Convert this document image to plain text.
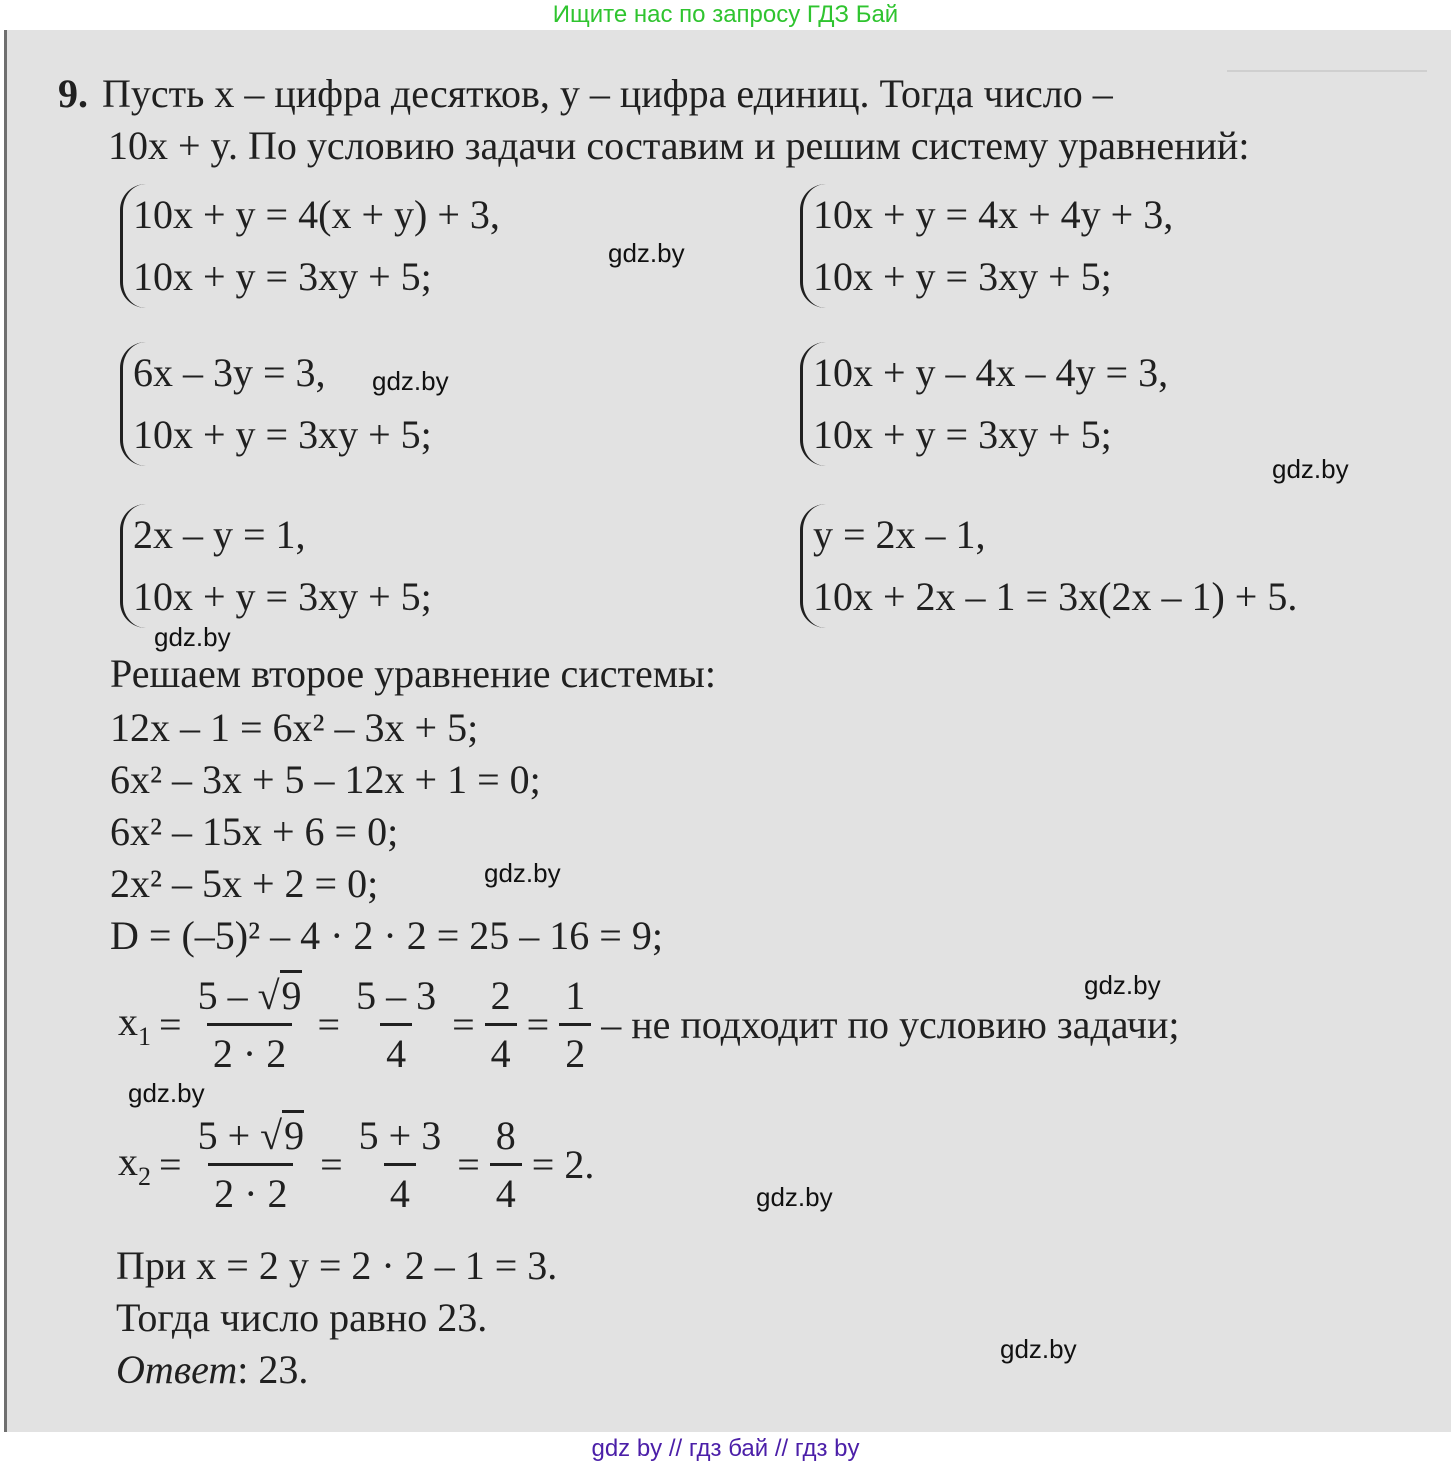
Ищите нас по запросу ГДЗ Бай
9. Пусть x – цифра десятков, y – цифра единиц. Тогда число –
10x + y. По условию задачи составим и решим систему уравнений:
10x + y = 4(x + y) + 3,
10x + y = 3xy + 5;
10x + y = 4x + 4y + 3,
10x + y = 3xy + 5;
6x – 3y = 3,
10x + y = 3xy + 5;
10x + y – 4x – 4y = 3,
10x + y = 3xy + 5;
2x – y = 1,
10x + y = 3xy + 5;
y = 2x – 1,
10x + 2x – 1 = 3x(2x – 1) + 5.
Решаем второе уравнение системы:
12x – 1 = 6x² – 3x + 5;
6x² – 3x + 5 – 12x + 1 = 0;
6x² – 15x + 6 = 0;
2x² – 5x + 2 = 0;
D = (–5)² – 4 · 2 · 2 = 25 – 16 = 9;
$x_1 = \frac{5 - √9}{2 \cdot 2} = \frac{5 - 3}{4} = \frac{2}{4} = \frac{1}{2}$ – не подходит по условию задачи;
$x_2 = \frac{5 + √9}{2 \cdot 2} = \frac{5 + 3}{4} = \frac{8}{4} = 2$.
При x = 2 y = 2 · 2 – 1 = 3.
Тогда число равно 23.
Ответ: 23.
gdz.by
gdz.by
gdz.by
gdz.by
gdz.by
gdz.by
gdz.by
gdz.by
gdz.by
gdz by // гдз бай // гдз by
